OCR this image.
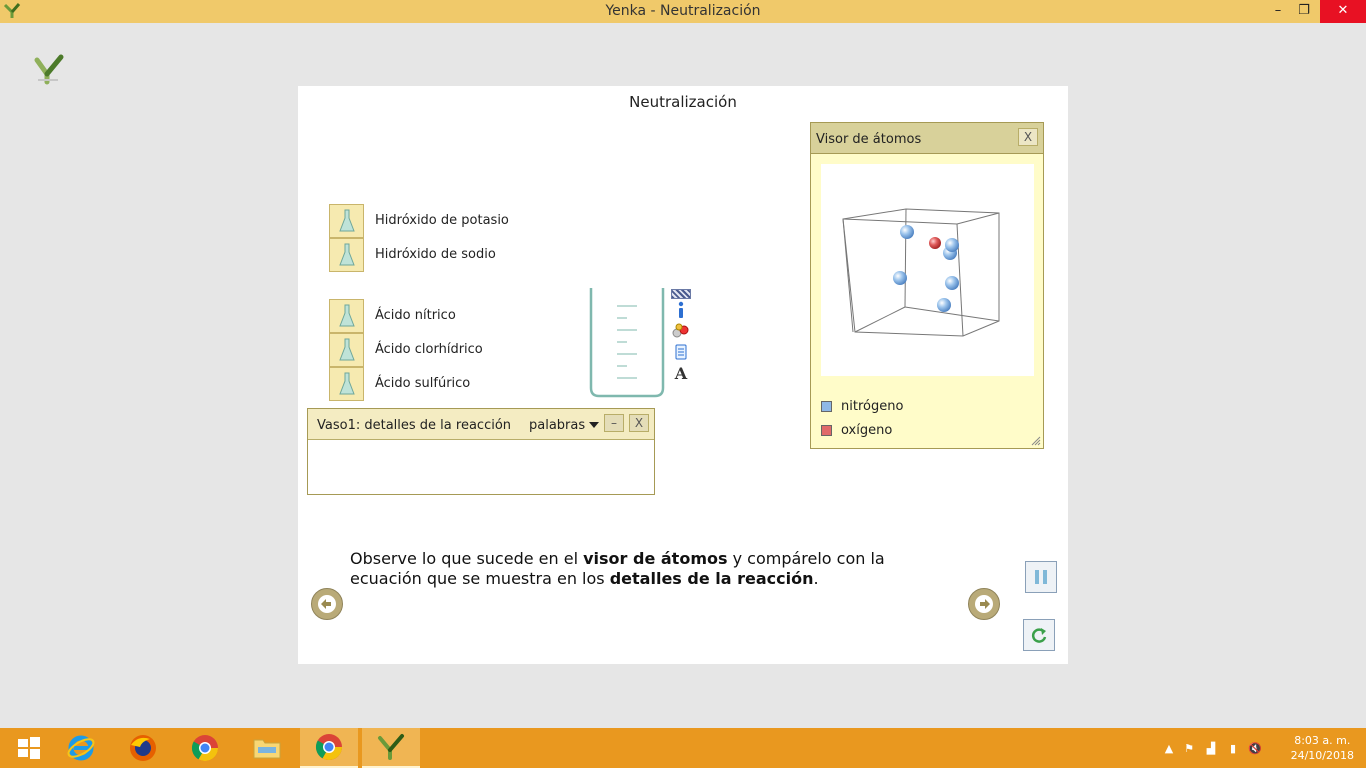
Yenka - Neutralización	–	❐	✕
Neutralización
Hidróxido de potasio
Hidróxido de sodio
Ácido nítrico
Ácido clorhídrico
Ácido sulfúrico
A
Vaso1: detalles de la reacción palabras	–	X
Visor de átomos	X
nitrógeno
oxígeno
Observe lo que sucede en el visor de átomos y compárelo con la ecuación que se muestra en los detalles de la reacción.
▲ ⚑	▟	▮	🔇
8:03 a. m.
24/10/2018
